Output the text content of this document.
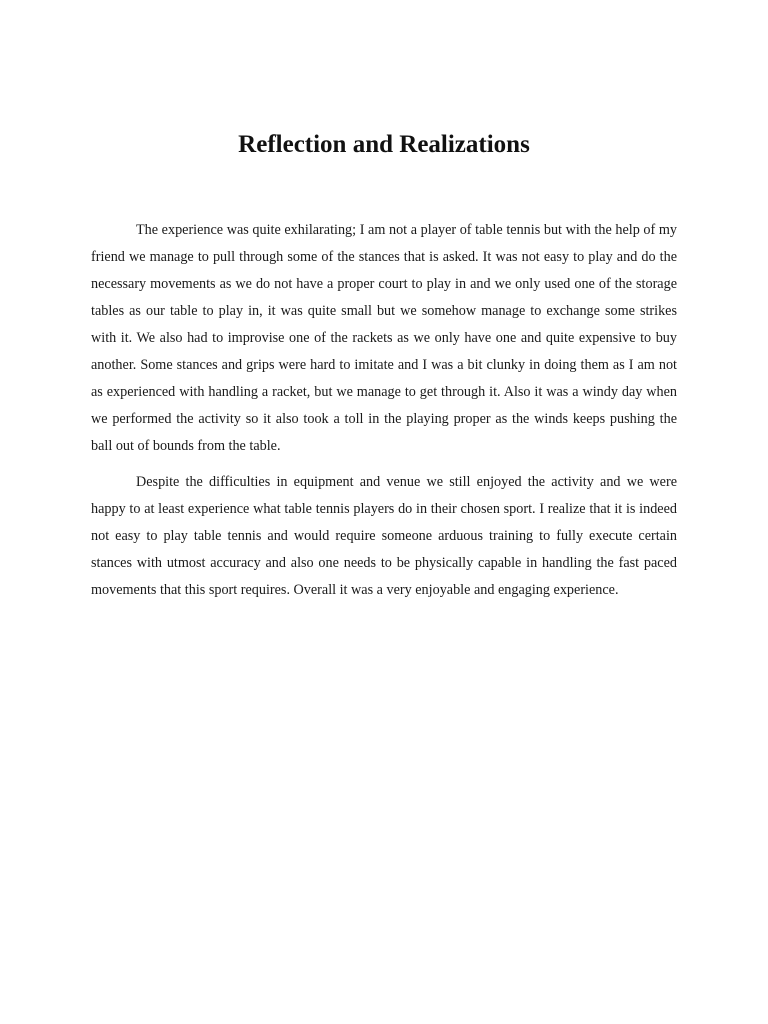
Reflection and Realizations

The experience was quite exhilarating; I am not a player of table tennis but with the help of my friend we manage to pull through some of the stances that is asked. It was not easy to play and do the necessary movements as we do not have a proper court to play in and we only used one of the storage tables as our table to play in, it was quite small but we somehow manage to exchange some strikes with it. We also had to improvise one of the rackets as we only have one and quite expensive to buy another. Some stances and grips were hard to imitate and I was a bit clunky in doing them as I am not as experienced with handling a racket, but we manage to get through it. Also it was a windy day when we performed the activity so it also took a toll in the playing proper as the winds keeps pushing the ball out of bounds from the table.

Despite the difficulties in equipment and venue we still enjoyed the activity and we were happy to at least experience what table tennis players do in their chosen sport. I realize that it is indeed not easy to play table tennis and would require someone arduous training to fully execute certain stances with utmost accuracy and also one needs to be physically capable in handling the fast paced movements that this sport requires. Overall it was a very enjoyable and engaging experience.
